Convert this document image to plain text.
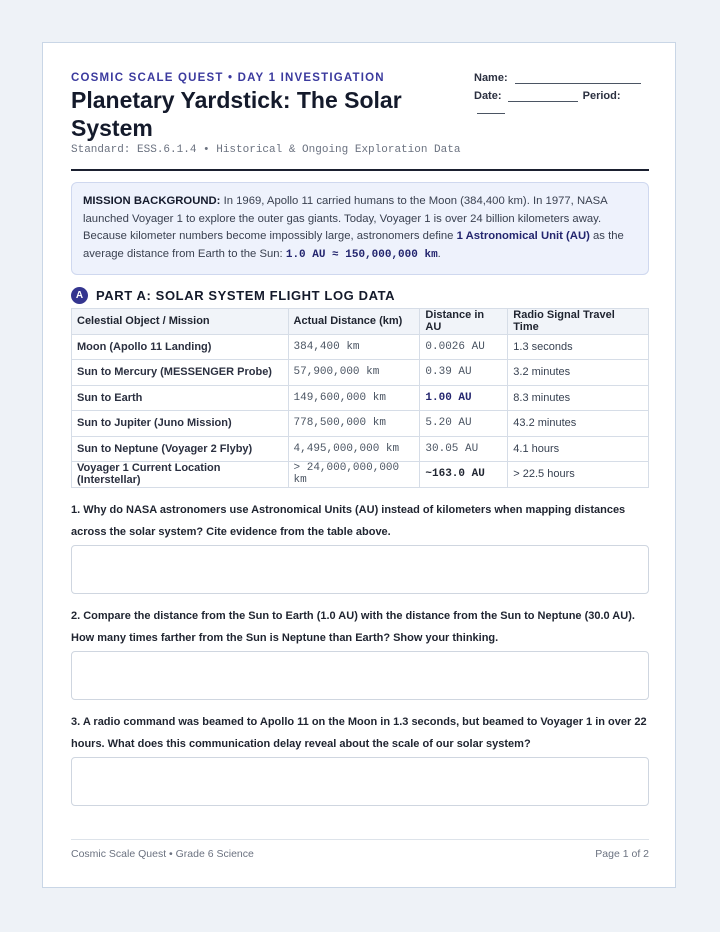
COSMIC SCALE QUEST • DAY 1 INVESTIGATION
Planetary Yardstick: The Solar System
Standard: ESS.6.1.4 • Historical & Ongoing Exploration Data
Name:
Date:	Period:
MISSION BACKGROUND: In 1969, Apollo 11 carried humans to the Moon (384,400 km). In 1977, NASA launched Voyager 1 to explore the outer gas giants. Today, Voyager 1 is over 24 billion kilometers away. Because kilometer numbers become impossibly large, astronomers define 1 Astronomical Unit (AU) as the average distance from Earth to the Sun: 1.0 AU ≈ 150,000,000 km.
A PART A: SOLAR SYSTEM FLIGHT LOG DATA
Celestial Object / Mission	Actual Distance (km)	Distance in AU	Radio Signal Travel Time
Moon (Apollo 11 Landing)	384,400 km	0.0026 AU	1.3 seconds
Sun to Mercury (MESSENGER Probe)	57,900,000 km	0.39 AU	3.2 minutes
Sun to Earth	149,600,000 km	1.00 AU	8.3 minutes
Sun to Jupiter (Juno Mission)	778,500,000 km	5.20 AU	43.2 minutes
Sun to Neptune (Voyager 2 Flyby)	4,495,000,000 km	30.05 AU	4.1 hours
Voyager 1 Current Location (Interstellar)	> 24,000,000,000 km	~163.0 AU	> 22.5 hours
1. Why do NASA astronomers use Astronomical Units (AU) instead of kilometers when mapping distances across the solar system? Cite evidence from the table above.
2. Compare the distance from the Sun to Earth (1.0 AU) with the distance from the Sun to Neptune (30.0 AU). How many times farther from the Sun is Neptune than Earth? Show your thinking.
3. A radio command was beamed to Apollo 11 on the Moon in 1.3 seconds, but beamed to Voyager 1 in over 22 hours. What does this communication delay reveal about the scale of our solar system?
Cosmic Scale Quest • Grade 6 Science	Page 1 of 2
